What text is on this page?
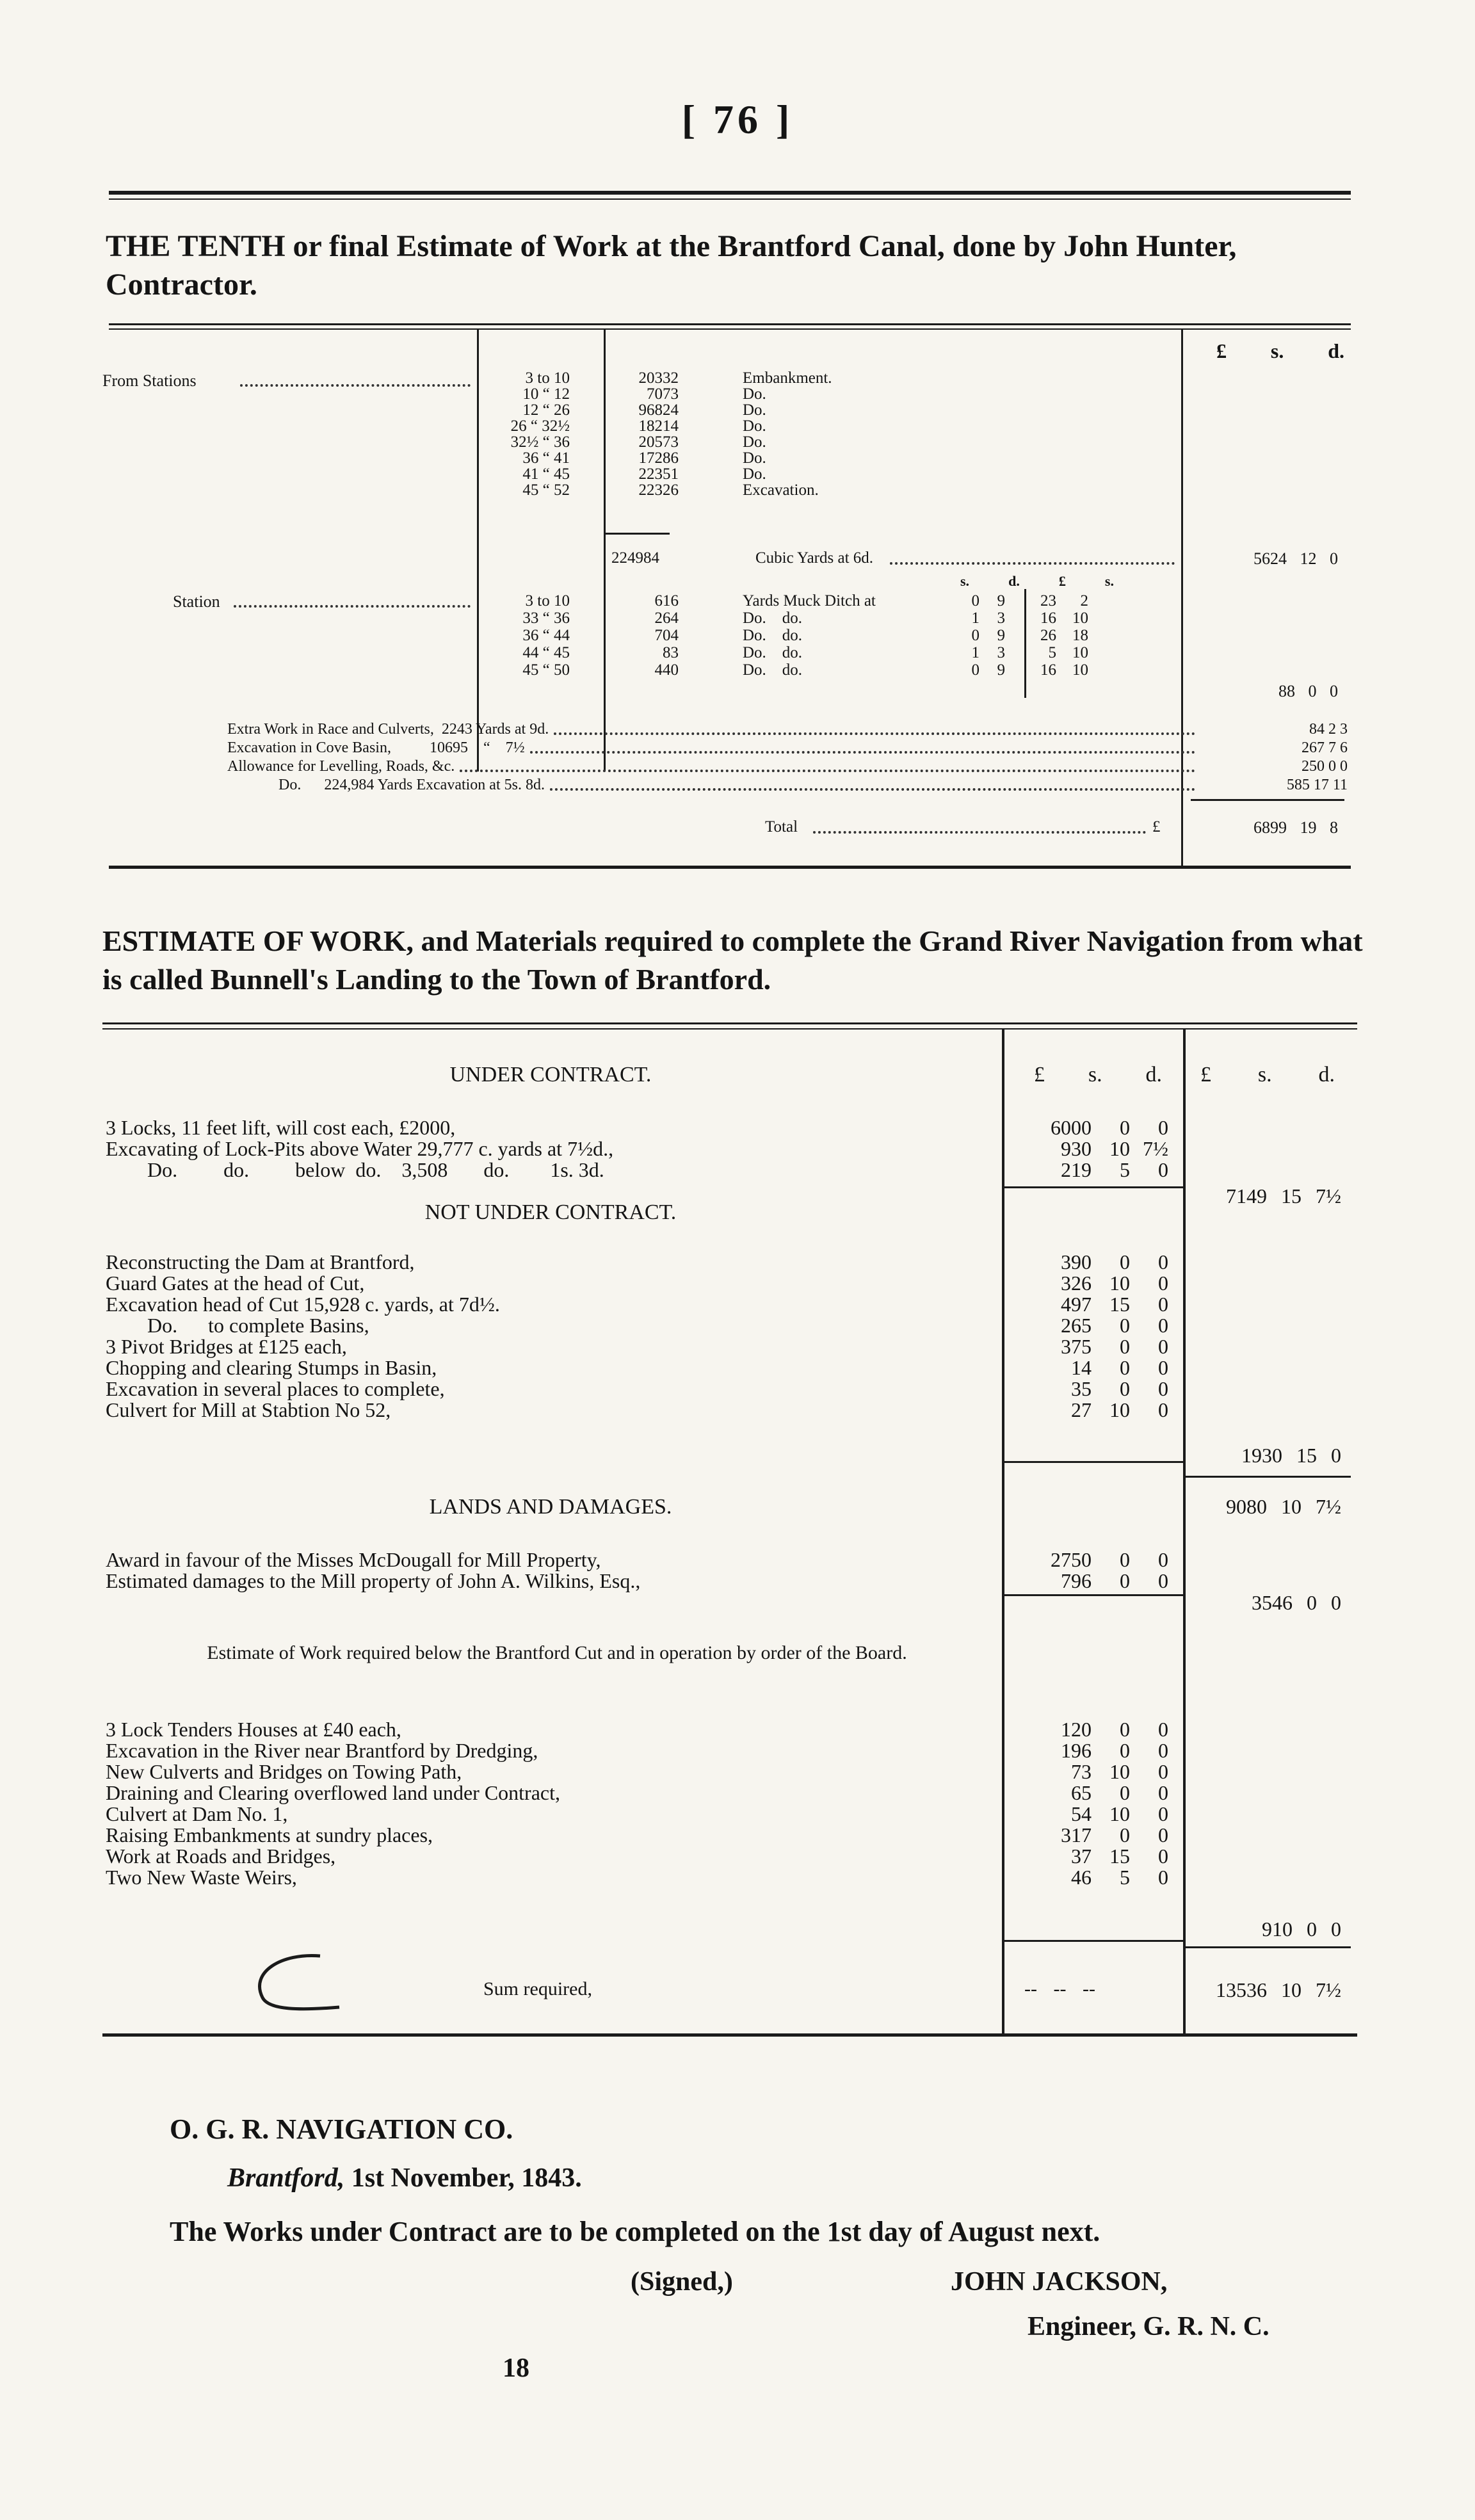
[ 76 ]
THE TENTH or final Estimate of Work at the Brantford Canal, done by John Hunter, Contractor.
£ s. d.
From Stations	3 to 10	20332	Embankment.
10 “ 12	7073	Do.
12 “ 26	96824	Do.
26 “ 32½	18214	Do.
32½ “ 36	20573	Do.
36 “ 41	17286	Do.
41 “ 45	22351	Do.
45 “ 52	22326	Excavation.
224984	Cubic Yards at 6d.	5624 12 0
Station
s.	d.	£	s.
3 to 10	616	Yards Muck Ditch at	0	9	23	2
33 “ 36	264	Do.    do.	1	3	16	10
36 “ 44	704	Do.    do.	0	9	26	18
44 “ 45	83	Do.    do.	1	3	5	10
45 “ 50	440	Do.    do.	0	9	16	10
88 0 0
Extra Work in Race and Culverts,  2243 Yards at 9d.	84 2 3
Excavation in Cove Basin,          10695    “    7½	267 7 6
Allowance for Levelling, Roads, &c.	250 0 0
Do.      224,984 Yards Excavation at 5s. 8d.	585 17 11
Total	£	6899 19 8
ESTIMATE OF WORK, and Materials required to complete the Grand River Navigation from what is called Bunnell's Landing to the Town of Brantford.
UNDER CONTRACT.	£ s. d. £ s. d.
3 Locks, 11 feet lift, will cost each, £2000,	6000	0	0
Excavating of Lock-Pits above Water 29,777 c. yards at 7½d.,	930 10 7½
Do.         do.         below  do.    3,508       do.        1s. 3d.	219	5	0
7149 15 7½
NOT UNDER CONTRACT.
Reconstructing the Dam at Brantford,	390	0	0
Guard Gates at the head of Cut,	326 10	0
Excavation head of Cut 15,928 c. yards, at 7d½.	497 15	0
Do.      to complete Basins,	265	0	0
3 Pivot Bridges at £125 each,	375	0	0
Chopping and clearing Stumps in Basin,	14	0	0
Excavation in several places to complete,	35	0	0
Culvert for Mill at Stabtion No 52,	27 10	0
1930 15 0
LANDS AND DAMAGES.	9080 10 7½
Award in favour of the Misses McDougall for Mill Property,	2750	0	0
Estimated damages to the Mill property of John A. Wilkins, Esq.,	796	0	0
3546 0 0
Estimate of Work required below the Brantford Cut and in operation by order of the Board.
3 Lock Tenders Houses at £40 each,	120	0	0
Excavation in the River near Brantford by Dredging,	196	0	0
New Culverts and Bridges on Towing Path,	73 10	0
Draining and Clearing overflowed land under Contract,	65	0	0
Culvert at Dam No. 1,	54 10	0
Raising Embankments at sundry places,	317	0	0
Work at Roads and Bridges,	37 15	0
Two New Waste Weirs,	46	5	0
910 0 0
Sum required,	-- -- --	13536 10 7½
O. G. R. NAVIGATION CO.
Brantford, 1st November, 1843.
The Works under Contract are to be completed on the 1st day of August next.
(Signed,)	JOHN JACKSON,
Engineer, G. R. N. C.
18
